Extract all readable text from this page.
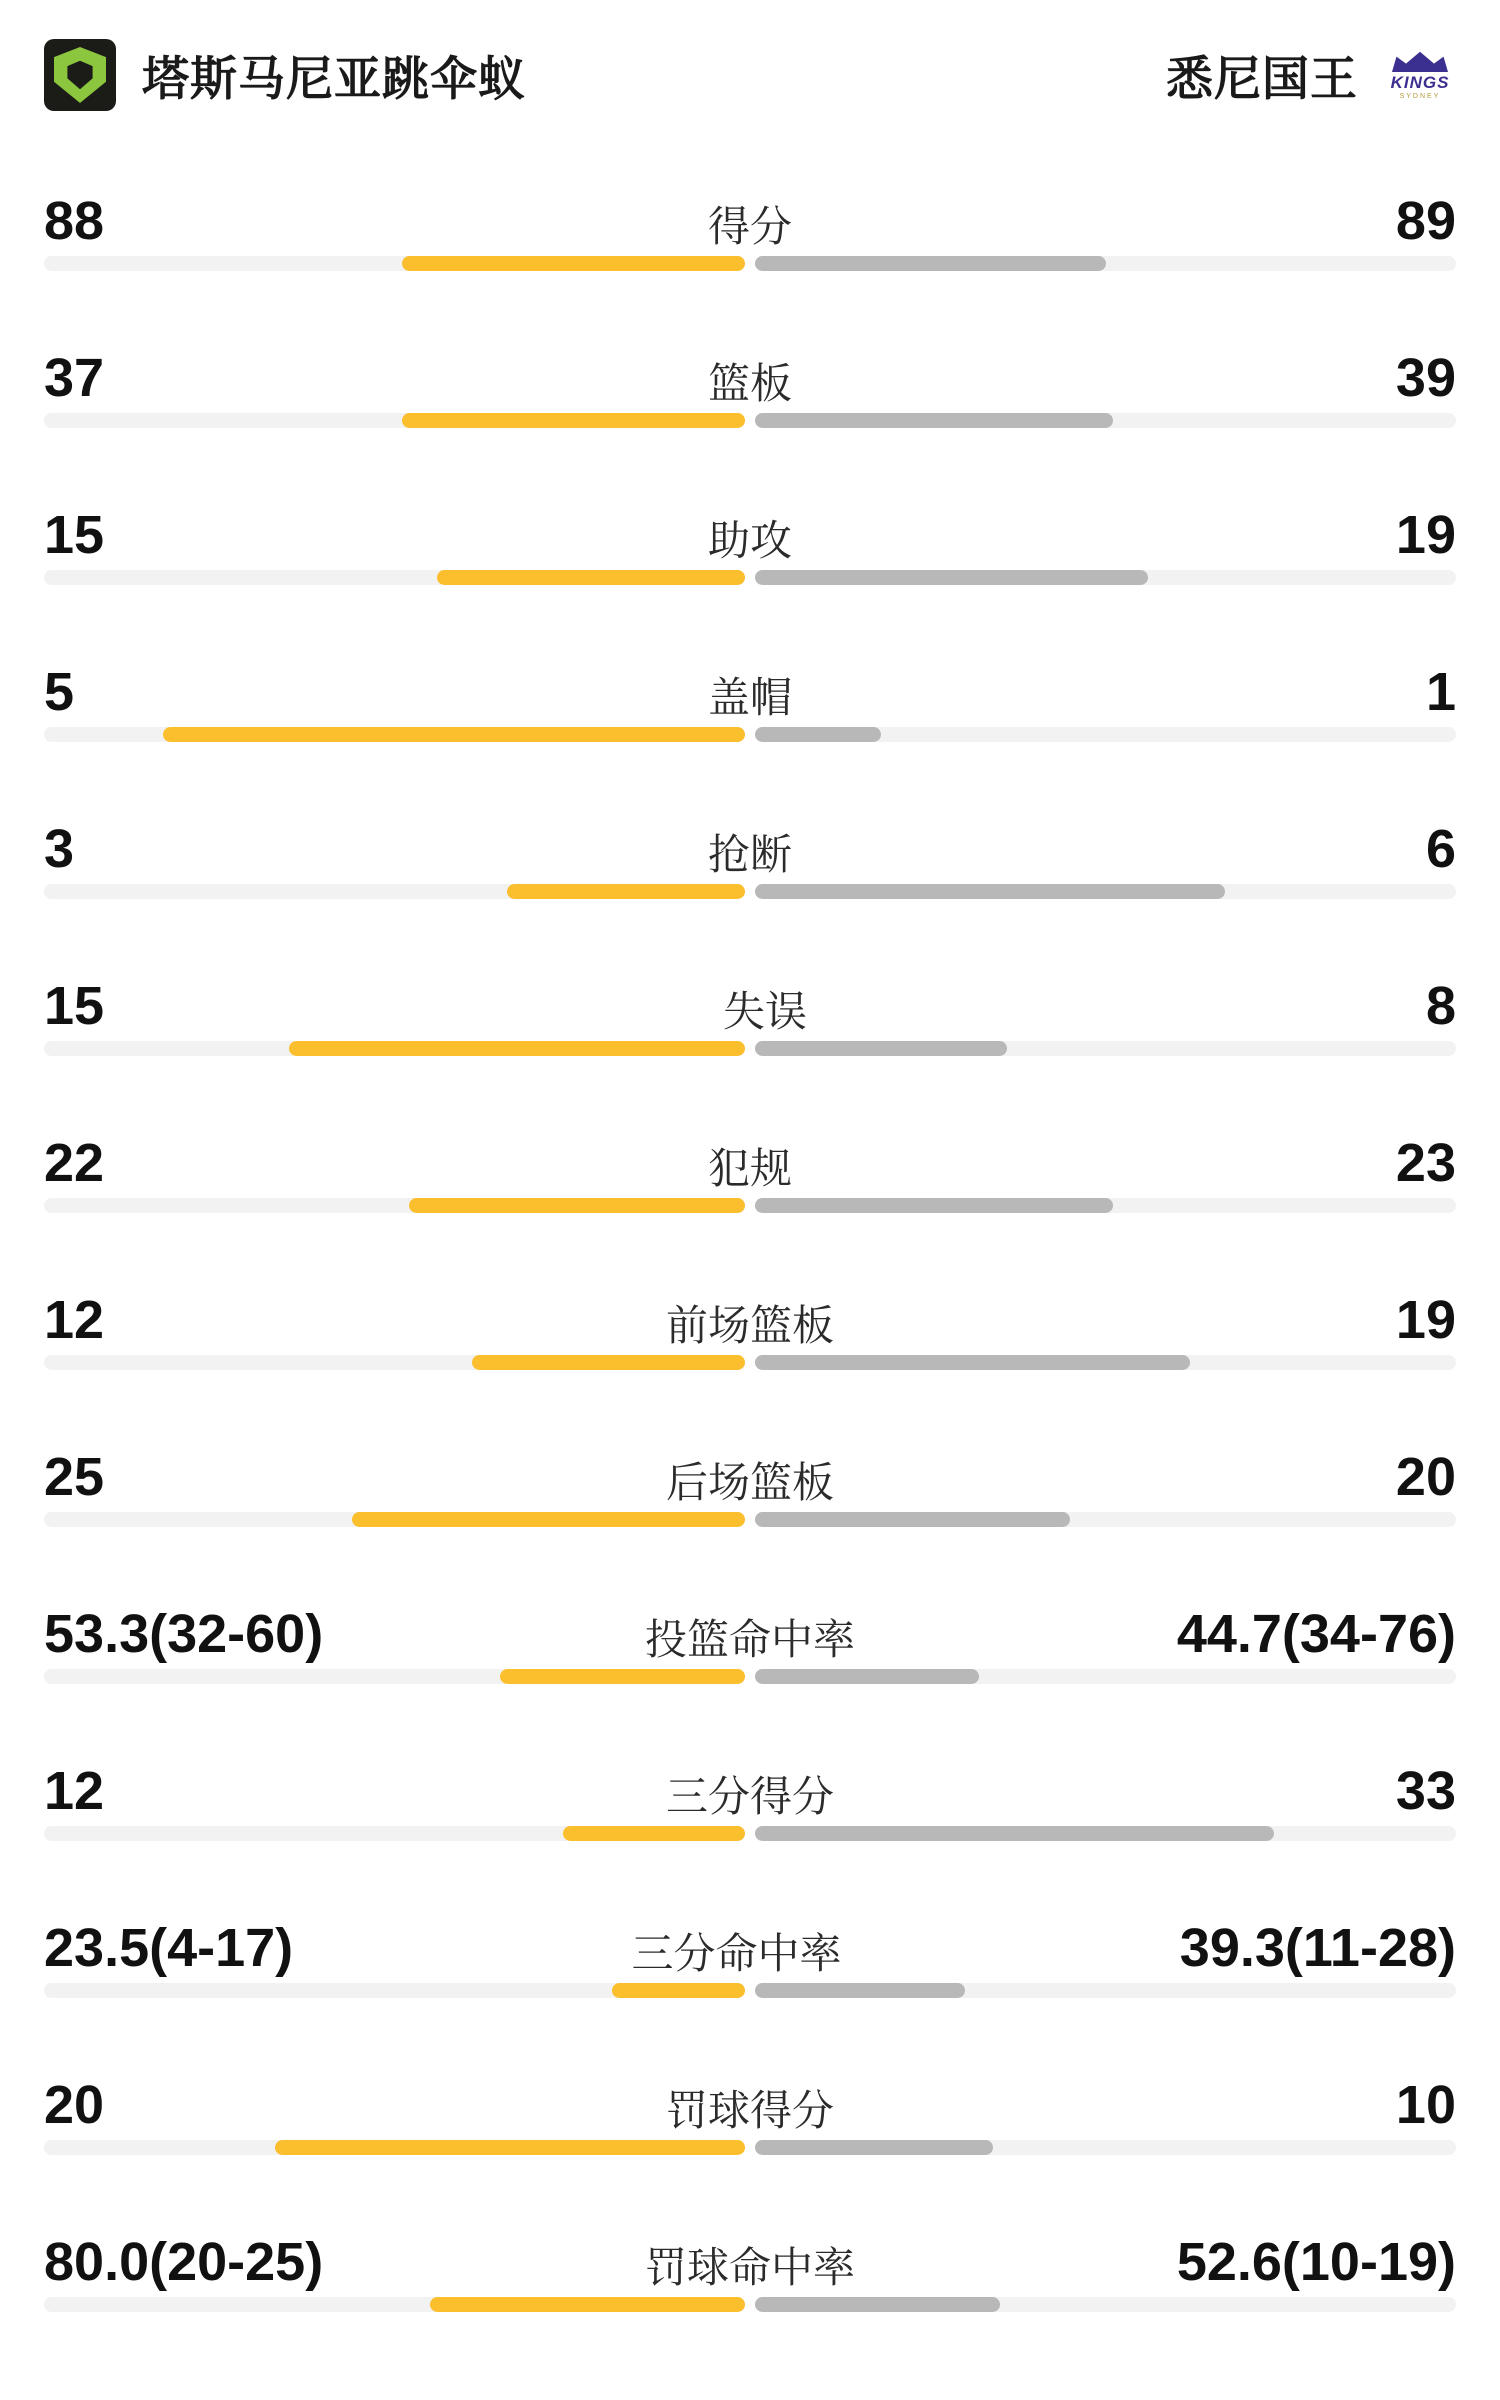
塔斯马尼亚跳伞蚁	悉尼国王 KINGS
SYDNEY
88	得分	89
37	篮板	39
15	助攻	19
5	盖帽	1
3	抢断	6
15	失误	8
22	犯规	23
12	前场篮板	19
25	后场篮板	20
53.3(32-60)	投篮命中率	44.7(34-76)
12	三分得分	33
23.5(4-17)	三分命中率	39.3(11-28)
20	罚球得分	10
80.0(20-25)	罚球命中率	52.6(10-19)
